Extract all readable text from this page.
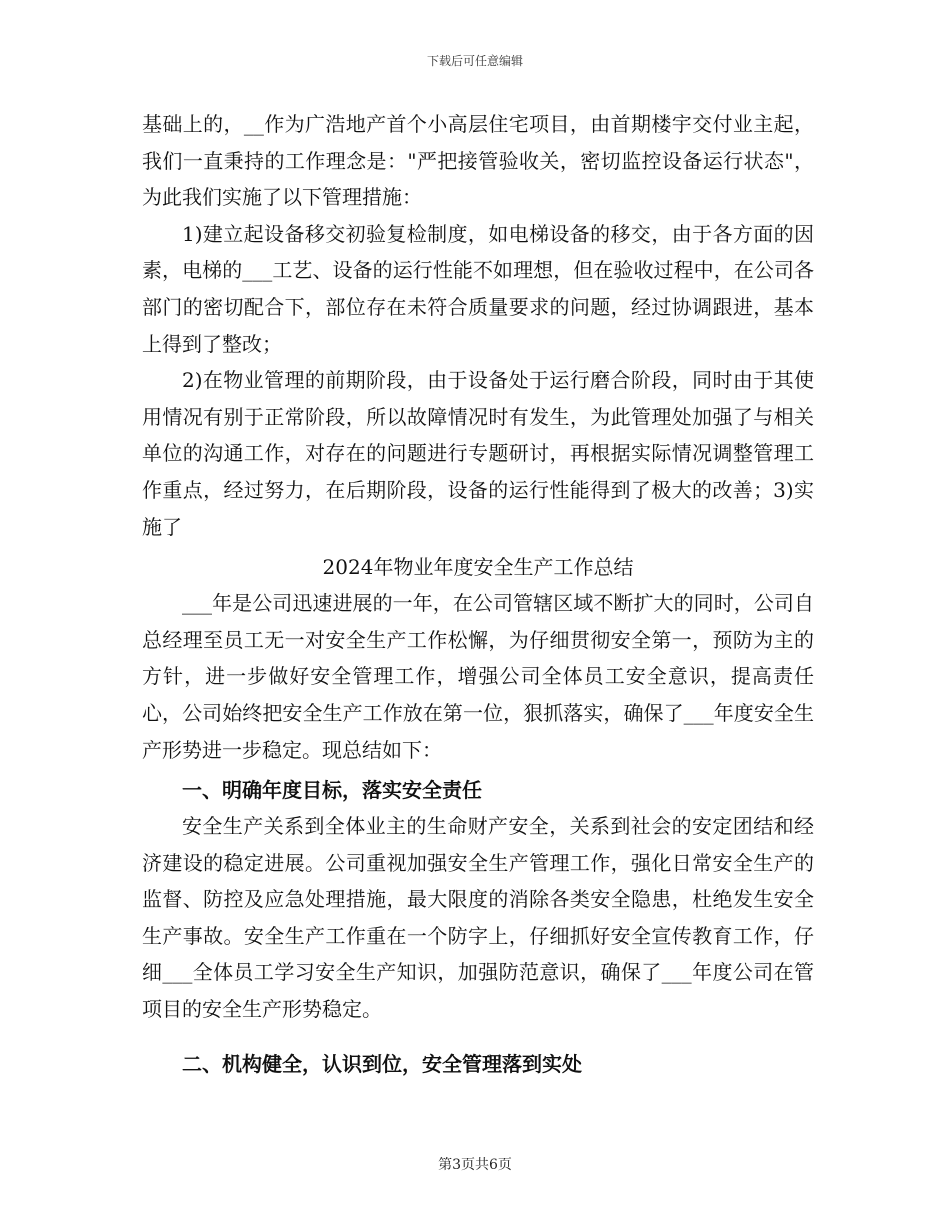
下载后可任意编辑

基础上的，__作为广浩地产首个小高层住宅项目，由首期楼宇交付业主起，我们一直秉持的工作理念是："严把接管验收关，密切监控设备运行状态"，为此我们实施了以下管理措施：

1)建立起设备移交初验复检制度，如电梯设备的移交，由于各方面的因素，电梯的___工艺、设备的运行性能不如理想，但在验收过程中，在公司各部门的密切配合下，部位存在未符合质量要求的问题，经过协调跟进，基本上得到了整改；

2)在物业管理的前期阶段，由于设备处于运行磨合阶段，同时由于其使用情况有别于正常阶段，所以故障情况时有发生，为此管理处加强了与相关单位的沟通工作，对存在的问题进行专题研讨，再根据实际情况调整管理工作重点，经过努力，在后期阶段，设备的运行性能得到了极大的改善；3)实施了

2024年物业年度安全生产工作总结

___年是公司迅速进展的一年，在公司管辖区域不断扩大的同时，公司自总经理至员工无一对安全生产工作松懈，为仔细贯彻安全第一，预防为主的方针，进一步做好安全管理工作，增强公司全体员工安全意识，提高责任心，公司始终把安全生产工作放在第一位，狠抓落实，确保了___年度安全生产形势进一步稳定。现总结如下：

一、明确年度目标，落实安全责任

安全生产关系到全体业主的生命财产安全，关系到社会的安定团结和经济建设的稳定进展。公司重视加强安全生产管理工作，强化日常安全生产的监督、防控及应急处理措施，最大限度的消除各类安全隐患，杜绝发生安全生产事故。安全生产工作重在一个防字上，仔细抓好安全宣传教育工作，仔细___全体员工学习安全生产知识，加强防范意识，确保了___年度公司在管项目的安全生产形势稳定。

二、机构健全，认识到位，安全管理落到实处
第3页共6页
